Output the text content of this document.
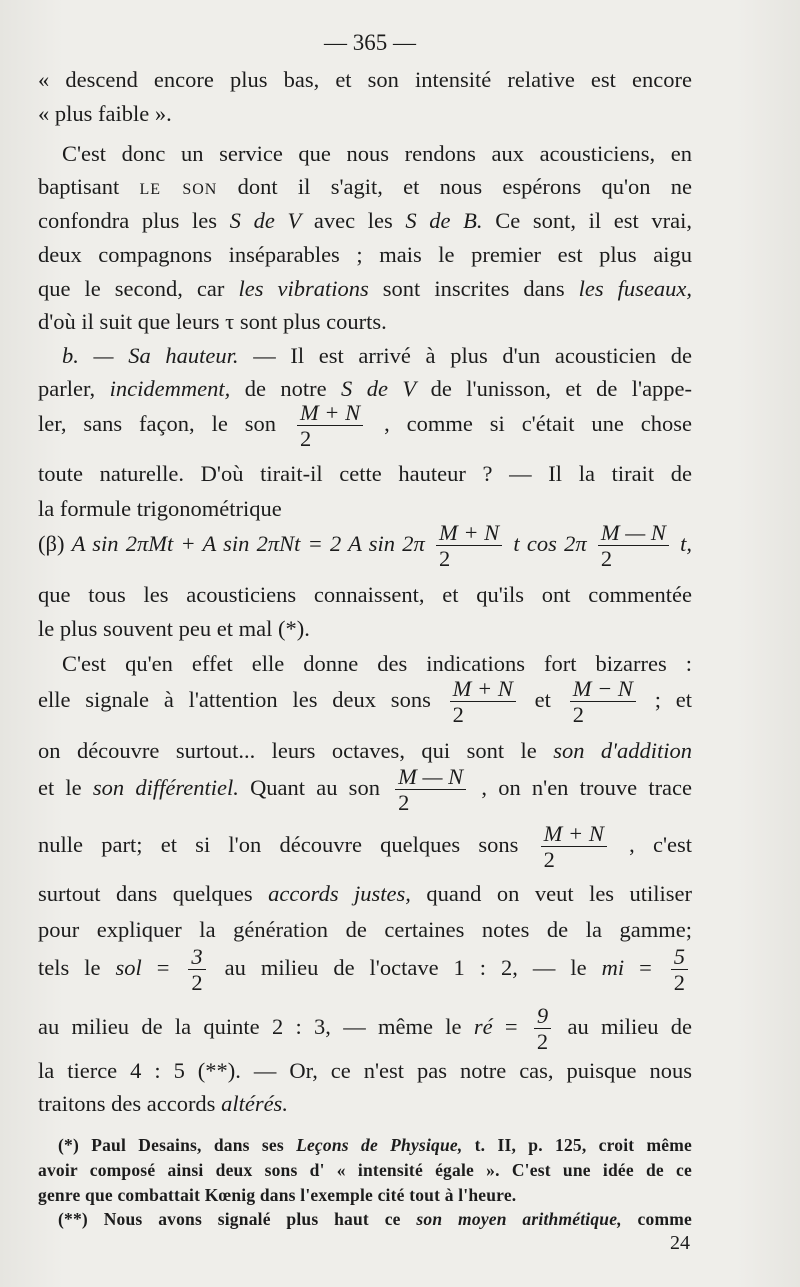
— 365 —
« descend encore plus bas, et son intensité relative est encore
« plus faible ».
C'est donc un service que nous rendons aux acousticiens, en
baptisant le son dont il s'agit, et nous espérons qu'on ne
confondra plus les S de V avec les S de B. Ce sont, il est vrai,
deux compagnons inséparables ; mais le premier est plus aigu
que le second, car les vibrations sont inscrites dans les fuseaux,
d'où il suit que leurs τ sont plus courts.
b. — Sa hauteur. — Il est arrivé à plus d'un acousticien de
parler, incidemment, de notre S de V de l'unisson, et de l'appe-
ler, sans façon, le son $\frac{M + N}{2}$ , comme si c'était une chose
toute naturelle. D'où tirait-il cette hauteur ? — Il la tirait de
la formule trigonométrique
(β) A sin 2πMt + A sin 2πNt = 2 A $\sin 2\pi \frac{M + N}{2}$ t $\cos 2\pi \frac{M — N}{2} t$,
que tous les acousticiens connaissent, et qu'ils ont commentée
le plus souvent peu et mal (*).
C'est qu'en effet elle donne des indications fort bizarres :
elle signale à l'attention les deux sons $\frac{M + N}{2}$ et $\frac{M - N}{2}$ ; et
on découvre surtout... leurs octaves, qui sont le son d'addition
et le son différentiel. Quant au son $\frac{M — N}{2}$ , on n'en trouve trace
nulle part; et si l'on découvre quelques sons $\frac{M + N}{2}$ , c'est
surtout dans quelques accords justes, quand on veut les utiliser
pour expliquer la génération de certaines notes de la gamme;
tels le sol = $\frac{3}{2}$ au milieu de l'octave 1 : 2, — le mi = $\frac{5}{2}$
au milieu de la quinte 2 : 3, — même le ré = $\frac{9}{2}$ au milieu de
la tierce 4 : 5 (**). — Or, ce n'est pas notre cas, puisque nous
traitons des accords altérés.
(*) Paul Desains, dans ses Leçons de Physique, t. II, p. 125, croit même
avoir composé ainsi deux sons d' « intensité égale ». C'est une idée de ce
genre que combattait Kœnig dans l'exemple cité tout à l'heure.
(**) Nous avons signalé plus haut ce son moyen arithmétique, comme
24
